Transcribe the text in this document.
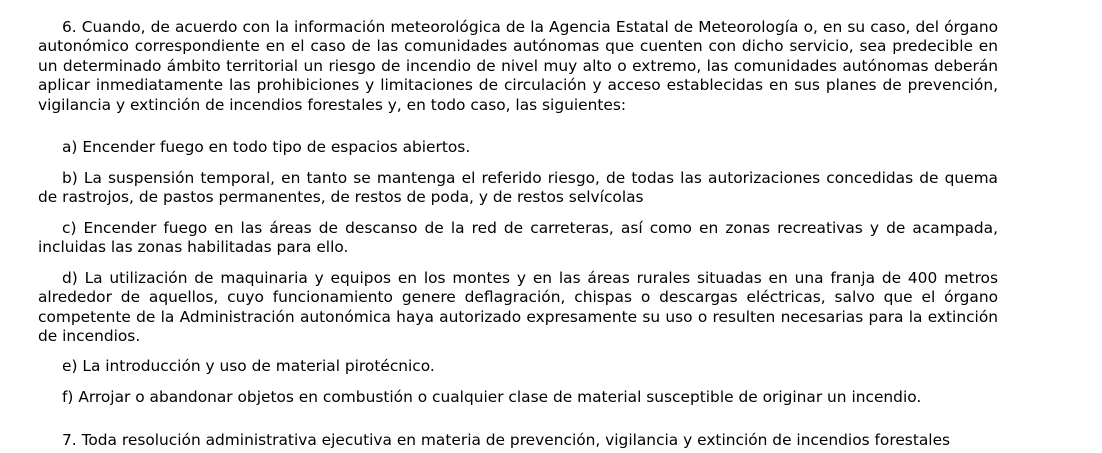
6. Cuando, de acuerdo con la información meteorológica de la Agencia Estatal de Meteorología o, en su caso, del órgano autonómico correspondiente en el caso de las comunidades autónomas que cuenten con dicho servicio, sea predecible en un determinado ámbito territorial un riesgo de incendio de nivel muy alto o extremo, las comunidades autónomas deberán aplicar inmediatamente las prohibiciones y limitaciones de circulación y acceso establecidas en sus planes de prevención, vigilancia y extinción de incendios forestales y, en todo caso, las siguientes:

a) Encender fuego en todo tipo de espacios abiertos.

b) La suspensión temporal, en tanto se mantenga el referido riesgo, de todas las autorizaciones concedidas de quema de rastrojos, de pastos permanentes, de restos de poda, y de restos selvícolas

c) Encender fuego en las áreas de descanso de la red de carreteras, así como en zonas recreativas y de acampada, incluidas las zonas habilitadas para ello.

d) La utilización de maquinaria y equipos en los montes y en las áreas rurales situadas en una franja de 400 metros alrededor de aquellos, cuyo funcionamiento genere deflagración, chispas o descargas eléctricas, salvo que el órgano competente de la Administración autonómica haya autorizado expresamente su uso o resulten necesarias para la extinción de incendios.

e) La introducción y uso de material pirotécnico.

f) Arrojar o abandonar objetos en combustión o cualquier clase de material susceptible de originar un incendio.

7. Toda resolución administrativa ejecutiva en materia de prevención, vigilancia y extinción de incendios forestales
